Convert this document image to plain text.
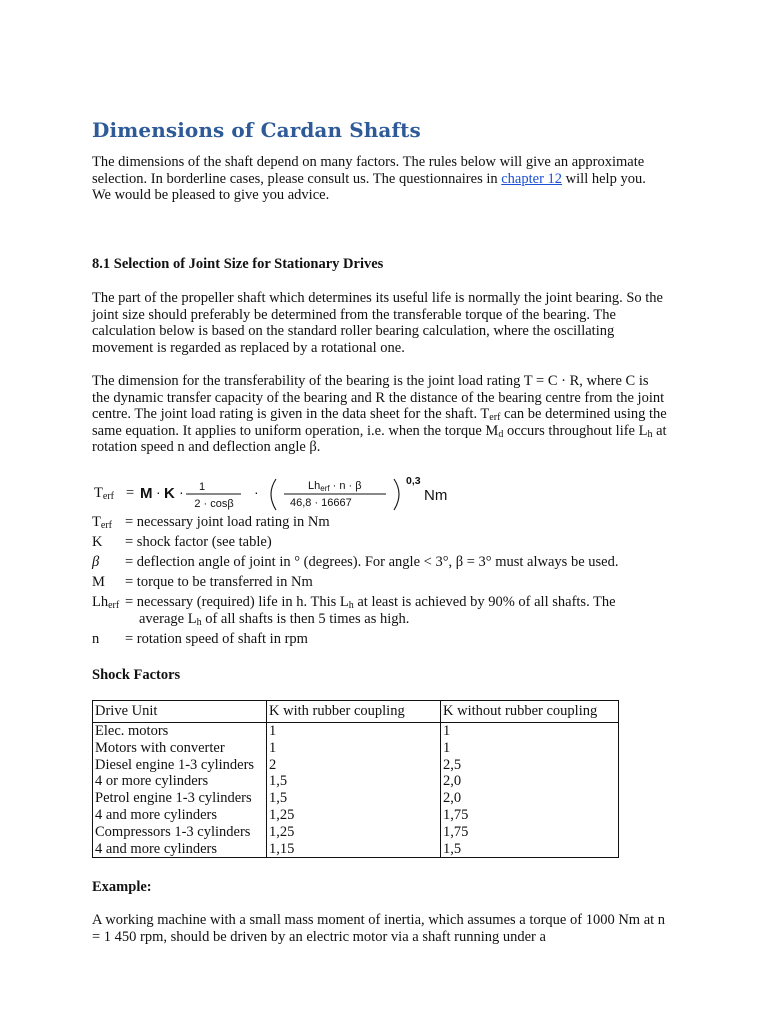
Dimensions of Cardan Shafts

The dimensions of the shaft depend on many factors. The rules below will give an approximate selection. In borderline cases, please consult us. The questionnaires in chapter 12 will help you. We would be pleased to give you advice.

8.1 Selection of Joint Size for Stationary Drives

The part of the propeller shaft which determines its useful life is normally the joint bearing. So the joint size should preferably be determined from the transferable torque of the bearing. The calculation below is based on the standard roller bearing calculation, where the oscillating movement is regarded as replaced by a rotational one.

The dimension for the transferability of the bearing is the joint load rating T = C · R, where C is the dynamic transfer capacity of the bearing and R the distance of the bearing centre from the joint centre. The joint load rating is given in the data sheet for the shaft. $T_{erf}$ can be determined using the same equation. It applies to uniform operation, i.e. when the torque $M_d$ occurs throughout life $L_h$ at rotation speed n and deflection angle β.

$T_{erf} = M \cdot K \cdot 1$
2 · cosβ
·	Lherf · n · β
46,8 · 16667
0,3
Nm
$T_{erf}$ = necessary joint load rating in Nm
K	= shock factor (see table)
β	= deflection angle of joint in ° (degrees). For angle < 3°, β = 3° must always be used.
M	= torque to be transferred in Nm
$Lh_{erf}$ = necessary (required) life in h. This $L_h$ at least is achieved by 90% of all shafts. The
average $L_h$ of all shafts is then 5 times as high.
n	= rotation speed of shaft in rpm

Shock Factors

Drive Unit	K with rubber coupling	K without rubber coupling
Elec. motors	1	1
Motors with converter	1	1
Diesel engine 1-3 cylinders	2	2,5
4 or more cylinders	1,5	2,0
Petrol engine 1-3 cylinders	1,5	2,0
4 and more cylinders	1,25	1,75
Compressors 1-3 cylinders	1,25	1,75
4 and more cylinders	1,15	1,5

Example:

A working machine with a small mass moment of inertia, which assumes a torque of 1000 Nm at n = 1 450 rpm, should be driven by an electric motor via a shaft running under a
